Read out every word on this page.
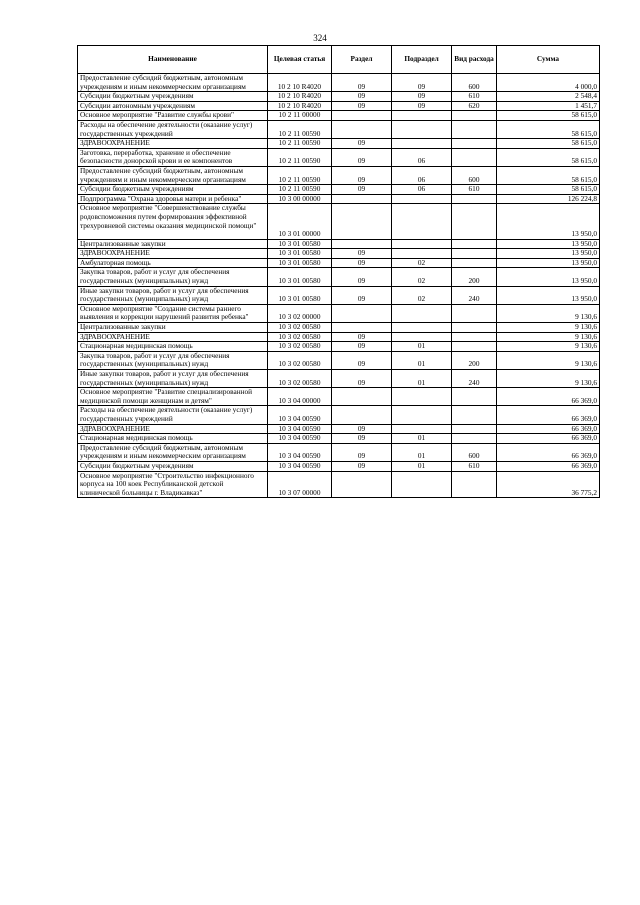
324
Наименование	Целевая статья	Раздел	Подраздел	Вид расхода	Сумма
Предоставление субсидий бюджетным, автономным учреждениям и иным некоммерческим организациям	10 2 10 R4020	09	09	600	4 000,0
Субсидии бюджетным учреждениям	10 2 10 R4020	09	09	610	2 548,4
Субсидии автономным учреждениям	10 2 10 R4020	09	09	620	1 451,7
Основное мероприятие "Развитие службы крови"	10 2 11 00000				58 615,0
Расходы на обеспечение деятельности (оказание услуг) государственных учреждений	10 2 11 00590				58 615,0
ЗДРАВООХРАНЕНИЕ	10 2 11 00590	09			58 615,0
Заготовка, переработка, хранение и обеспечение безопасности донорской крови и ее компонентов	10 2 11 00590	09	06		58 615,0
Предоставление субсидий бюджетным, автономным учреждениям и иным некоммерческим организациям	10 2 11 00590	09	06	600	58 615,0
Субсидии бюджетным учреждениям	10 2 11 00590	09	06	610	58 615,0
Подпрограмма "Охрана здоровья матери и ребенка"	10 3 00 00000				126 224,8
Основное мероприятие "Совершенствование службы родовспоможения путем формирования эффективной трехуровневой системы оказания медицинской помощи"	10 3 01 00000				13 950,0
Централизованные закупки	10 3 01 00580				13 950,0
ЗДРАВООХРАНЕНИЕ	10 3 01 00580	09			13 950,0
Амбулаторная помощь	10 3 01 00580	09	02		13 950,0
Закупка товаров, работ и услуг для обеспечения государственных (муниципальных) нужд	10 3 01 00580	09	02	200	13 950,0
Иные закупки товаров, работ и услуг для обеспечения государственных (муниципальных) нужд	10 3 01 00580	09	02	240	13 950,0
Основное мероприятие "Создание системы раннего выявления и коррекции нарушений развития ребенка"	10 3 02 00000				9 130,6
Централизованные закупки	10 3 02 00580				9 130,6
ЗДРАВООХРАНЕНИЕ	10 3 02 00580	09			9 130,6
Стационарная медицинская помощь	10 3 02 00580	09	01		9 130,6
Закупка товаров, работ и услуг для обеспечения государственных (муниципальных) нужд	10 3 02 00580	09	01	200	9 130,6
Иные закупки товаров, работ и услуг для обеспечения государственных (муниципальных) нужд	10 3 02 00580	09	01	240	9 130,6
Основное мероприятие "Развитие специализированной медицинской помощи женщинам и детям"	10 3 04 00000				66 369,0
Расходы на обеспечение деятельности (оказание услуг) государственных учреждений	10 3 04 00590				66 369,0
ЗДРАВООХРАНЕНИЕ	10 3 04 00590	09			66 369,0
Стационарная медицинская помощь	10 3 04 00590	09	01		66 369,0
Предоставление субсидий бюджетным, автономным учреждениям и иным некоммерческим организациям	10 3 04 00590	09	01	600	66 369,0
Субсидии бюджетным учреждениям	10 3 04 00590	09	01	610	66 369,0
Основное мероприятие "Строительство инфекционного корпуса на 100 коек Республиканской детской клинической больницы г. Владикавказ"	10 3 07 00000				36 775,2
